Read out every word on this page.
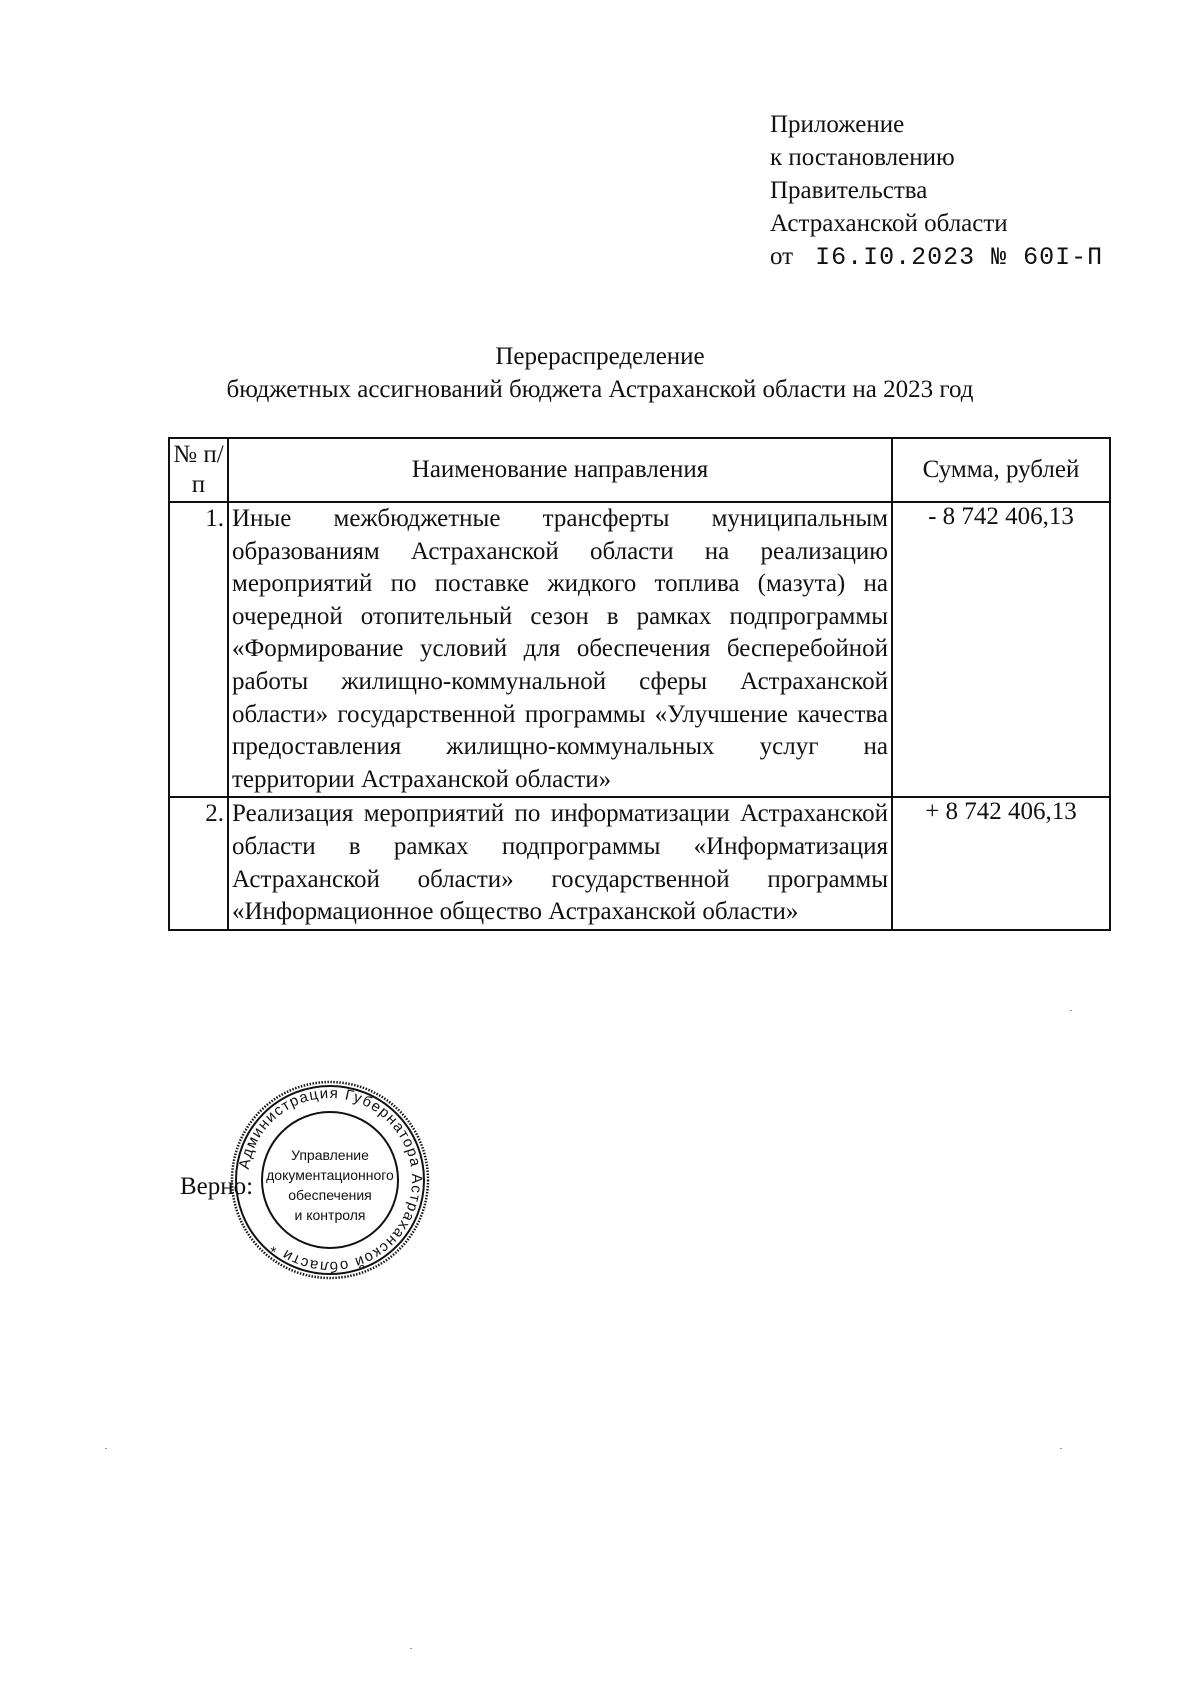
Приложение
к постановлению
Правительства
Астраханской области
от I6.I0.2023 № 60I-П
Перераспределение
бюджетных ассигнований бюджета Астраханской области на 2023 год
№ п/п	Наименование направления	Сумма, рублей
1.	Иные межбюджетные трансферты муниципальным образованиям Астраханской области на реализацию мероприятий по поставке жидкого топлива (мазута) на очередной отопительный сезон в рамках подпрограммы «Формирование условий для обеспечения бесперебойной работы жилищно-коммунальной сферы Астраханской области» государственной программы «Улучшение качества предоставления жилищно-коммунальных услуг на территории Астраханской области»	- 8 742 406,13
2.	Реализация мероприятий по информатизации Астраханской области в рамках подпрограммы «Информатизация Астраханской области» государственной программы «Информационное общество Астраханской области»	+ 8 742 406,13
Верно:
Администрация Губернатора Астраханской области *
Управление
документационного
обеспечения
и контроля
